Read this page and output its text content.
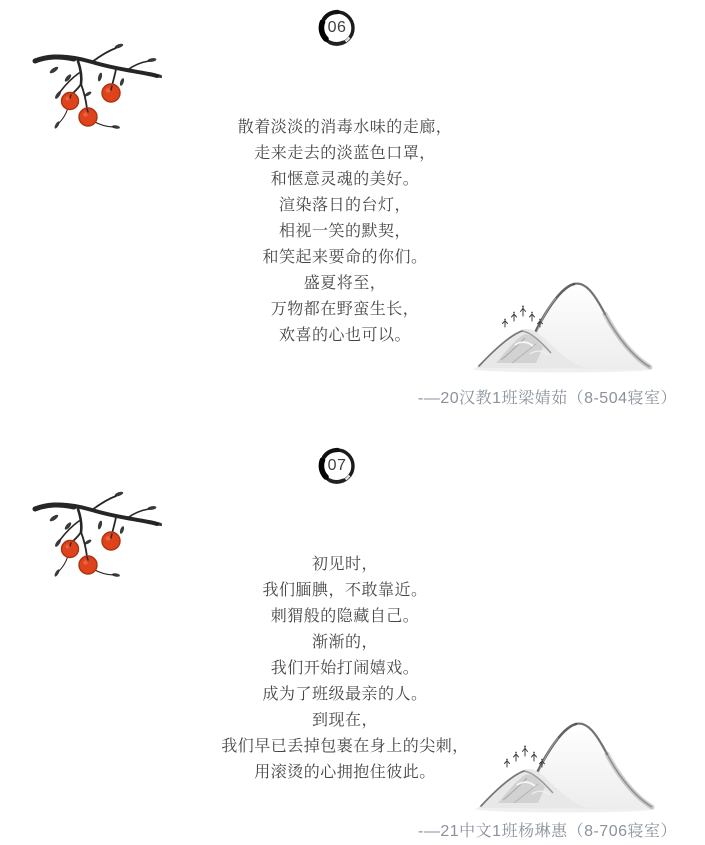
06

散着淡淡的消毒水味的走廊，

走来走去的淡蓝色口罩，

和惬意灵魂的美好。

渲染落日的台灯，

相视一笑的默契，

和笑起来要命的你们。

盛夏将至，

万物都在野蛮生长，

欢喜的心也可以。

-—20汉教1班梁婧茹（8-504寝室）
07

初见时，

我们腼腆，不敢靠近。

刺猬般的隐藏自己。

渐渐的，

我们开始打闹嬉戏。

成为了班级最亲的人。

到现在，

我们早已丢掉包裹在身上的尖刺，

用滚烫的心拥抱住彼此。

-—21中文1班杨琳惠（8-706寝室）
